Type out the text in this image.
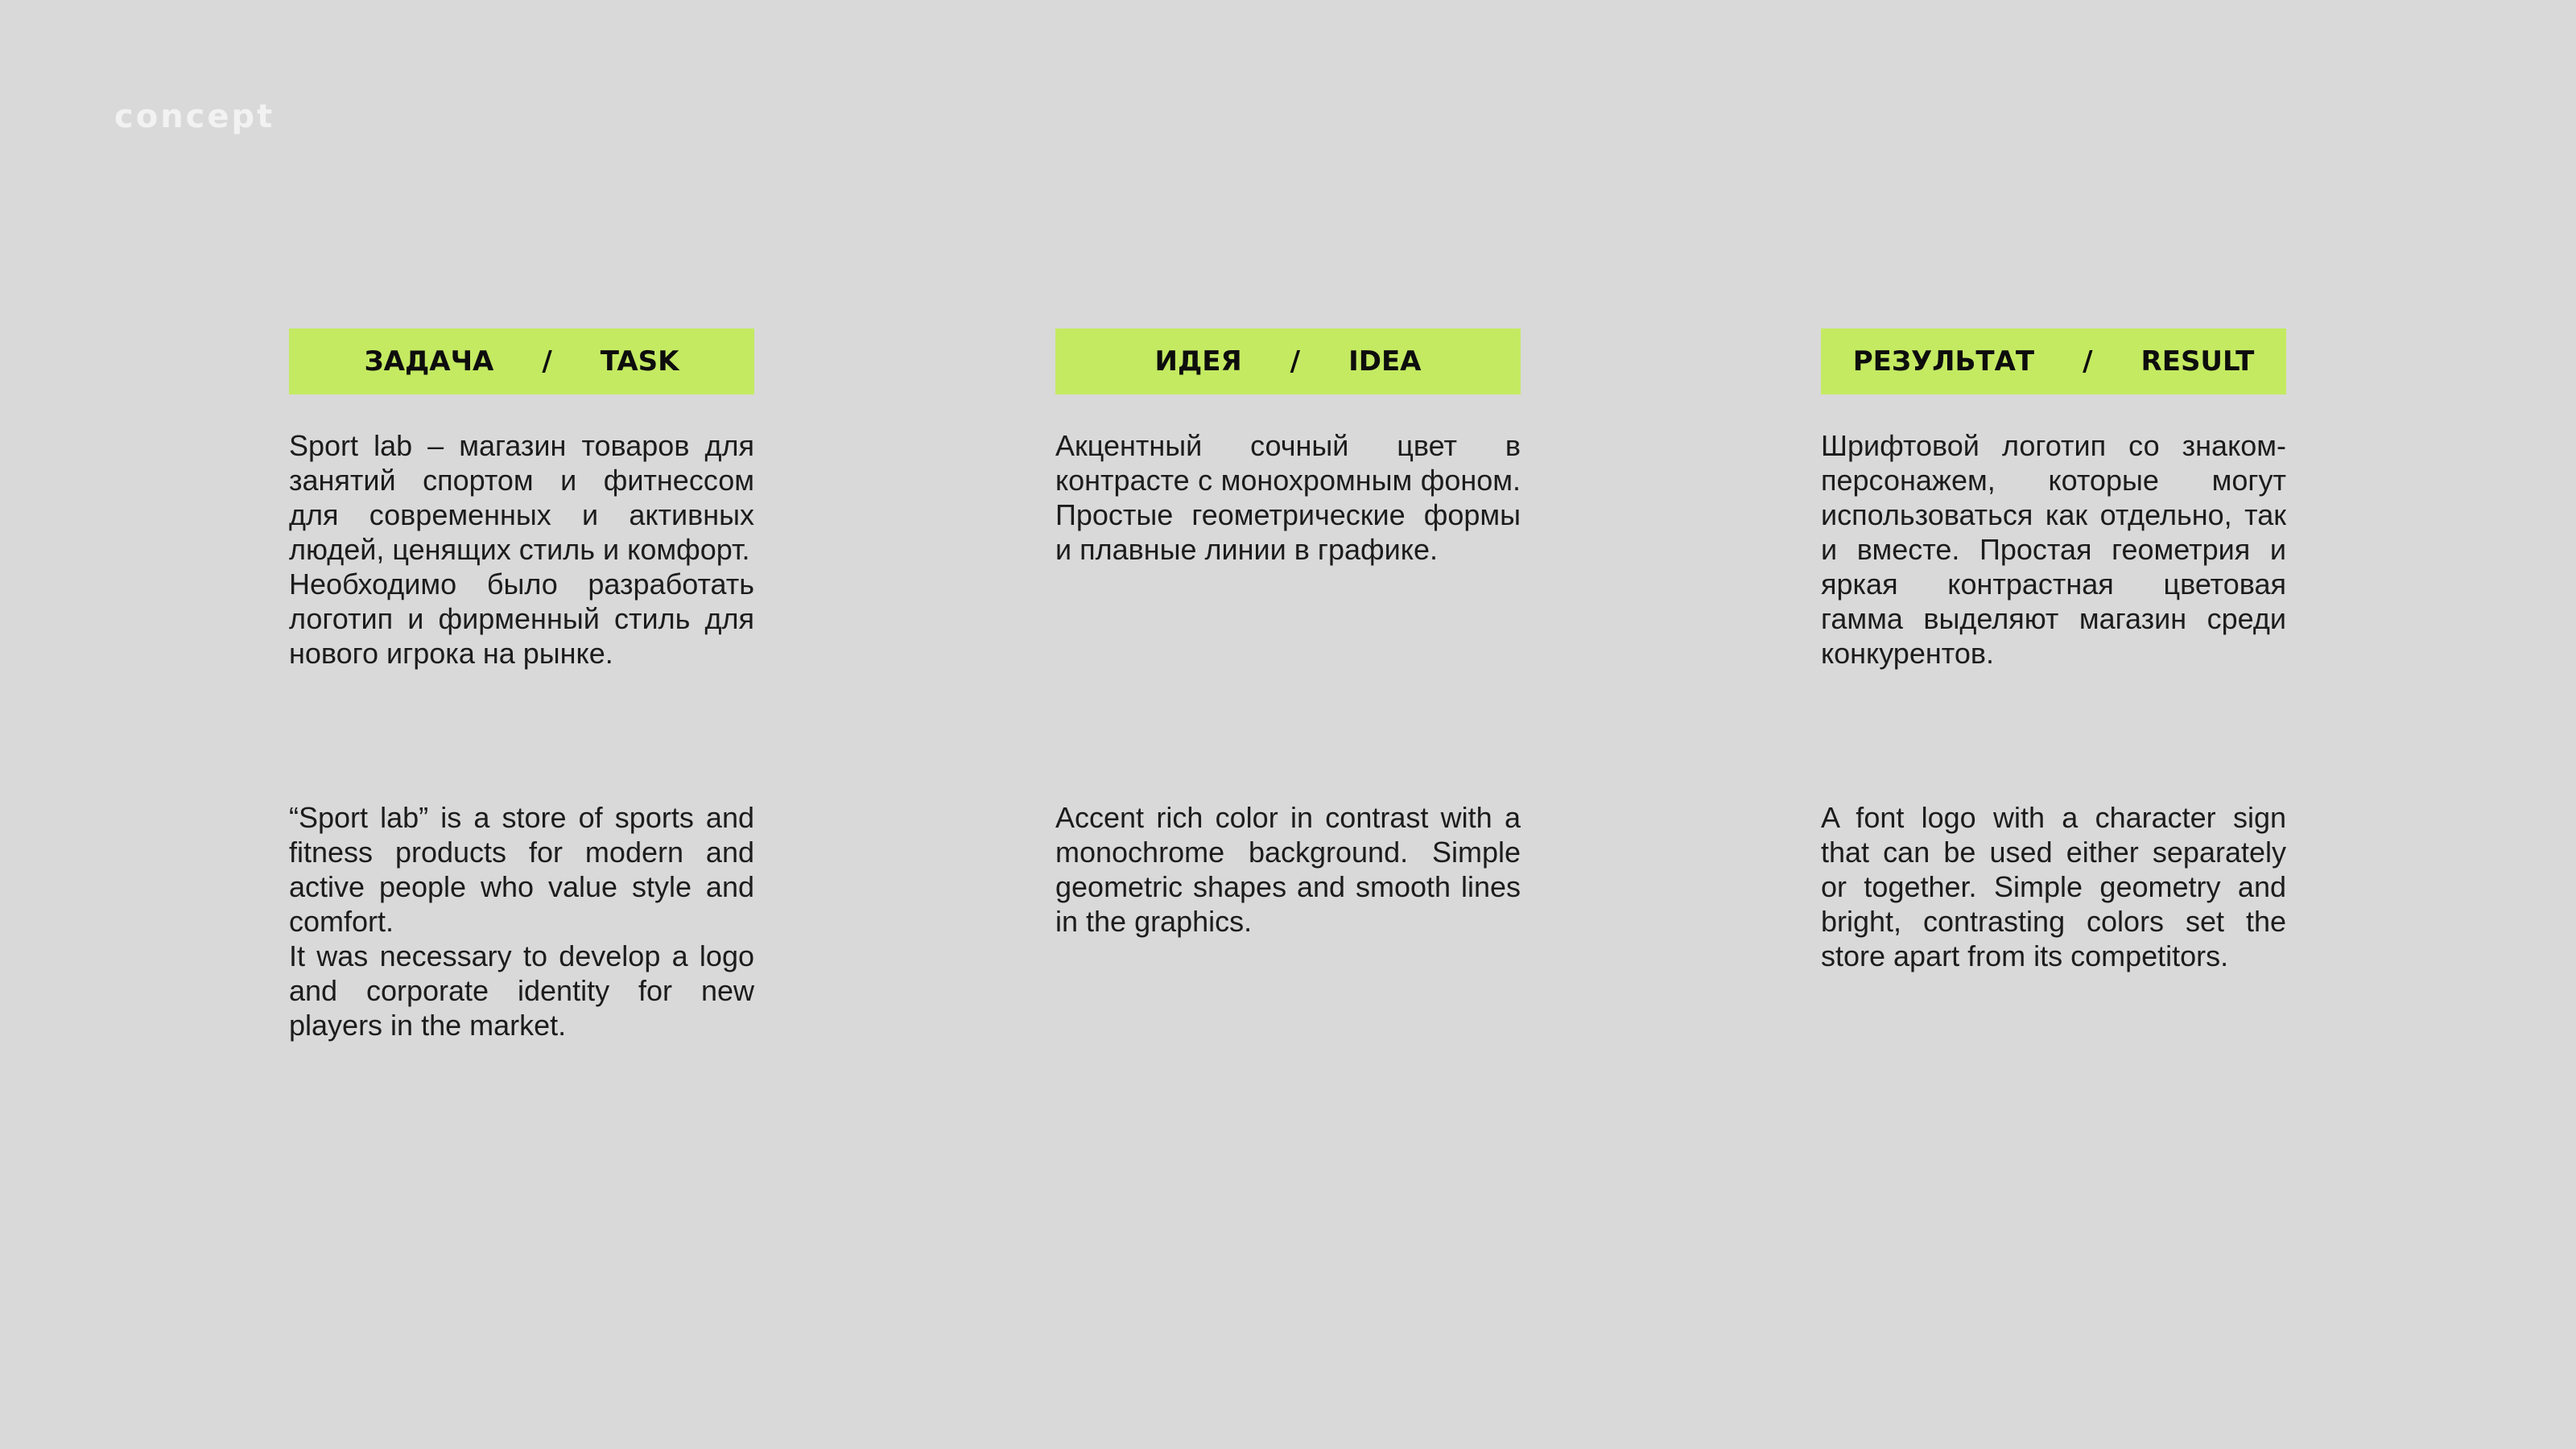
concept
ЗАДАЧА / TASK

Sport lab – магазин товаров для занятий спортом и фитнессом для современных и активных людей, ценящих стиль и комфорт.

Необходимо было разработать логотип и фирменный стиль для нового игрока на рынке.

“Sport lab” is a store of sports and fitness products for modern and active people who value style and comfort.

It was necessary to develop a logo and corporate identity for new players in the market.

ИДЕЯ / IDEA

Акцентный сочный цвет в контрасте с монохромным фоном. Простые геометрические формы и плавные линии в графике.

Accent rich color in contrast with a monochrome background. Simple geometric shapes and smooth lines in the graphics.

РЕЗУЛЬТАТ / RESULT

Шрифтовой логотип со знаком-персонажем, которые могут использоваться как отдельно, так и вместе. Простая геометрия и яркая контрастная цветовая гамма выделяют магазин среди конкурентов.

A font logo with a character sign that can be used either separately or together. Simple geometry and bright, contrasting colors set the store apart from its competitors.
